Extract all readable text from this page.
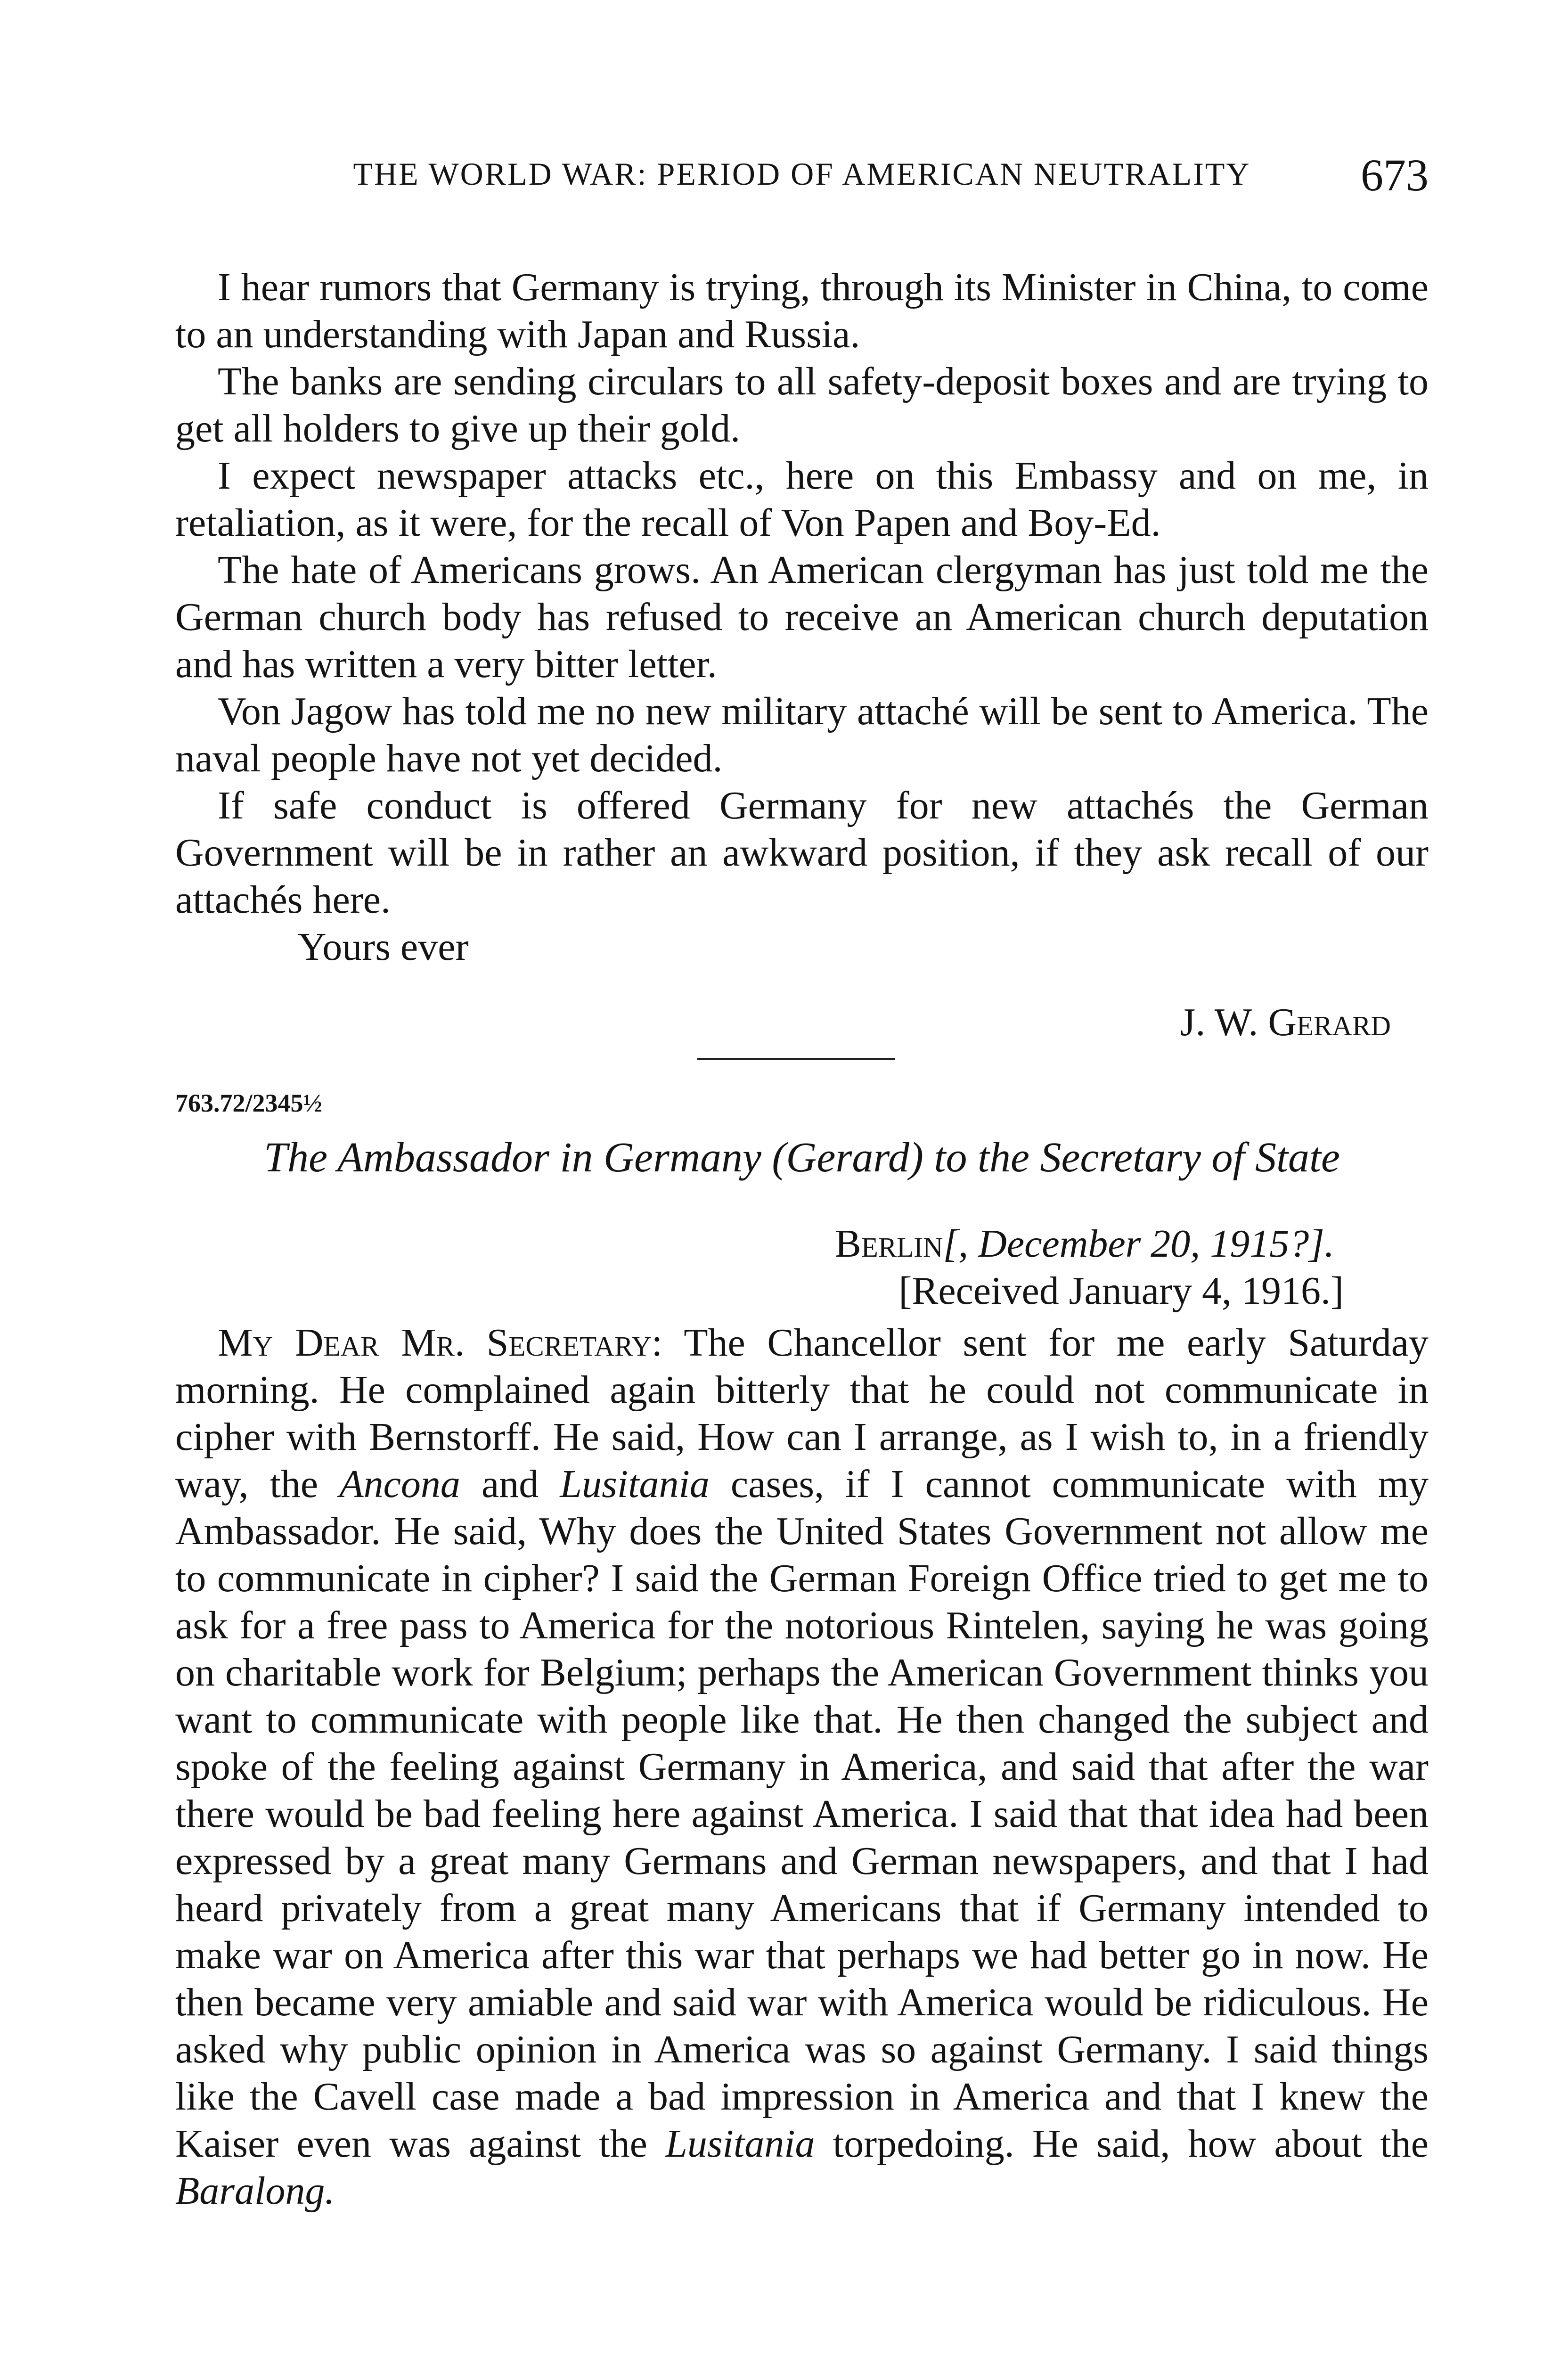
THE WORLD WAR: PERIOD OF AMERICAN NEUTRALITY 673

I hear rumors that Germany is trying, through its Minister in China, to come to an understanding with Japan and Russia.

The banks are sending circulars to all safety-deposit boxes and are trying to get all holders to give up their gold.

I expect newspaper attacks etc., here on this Embassy and on me, in retaliation, as it were, for the recall of Von Papen and Boy-Ed.

The hate of Americans grows. An American clergyman has just told me the German church body has refused to receive an American church deputation and has written a very bitter letter.

Von Jagow has told me no new military attaché will be sent to America. The naval people have not yet decided.

If safe conduct is offered Germany for new attachés the German Government will be in rather an awkward position, if they ask recall of our attachés here.

Yours ever

J. W. Gerard

763.72/2345½
The Ambassador in Germany (Gerard) to the Secretary of State

Berlin[, December 20, 1915?].

[Received January 4, 1916.]

My Dear Mr. Secretary: The Chancellor sent for me early Saturday morning. He complained again bitterly that he could not communicate in cipher with Bernstorff. He said, How can I arrange, as I wish to, in a friendly way, the Ancona and Lusitania cases, if I cannot communicate with my Ambassador. He said, Why does the United States Government not allow me to communicate in cipher? I said the German Foreign Office tried to get me to ask for a free pass to America for the notorious Rintelen, saying he was going on charitable work for Belgium; perhaps the American Government thinks you want to communicate with people like that. He then changed the subject and spoke of the feeling against Germany in America, and said that after the war there would be bad feeling here against America. I said that that idea had been expressed by a great many Germans and German newspapers, and that I had heard privately from a great many Americans that if Germany intended to make war on America after this war that perhaps we had better go in now. He then became very amiable and said war with America would be ridiculous. He asked why public opinion in America was so against Germany. I said things like the Cavell case made a bad impression in America and that I knew the Kaiser even was against the Lusitania torpedoing. He said, how about the Baralong.
